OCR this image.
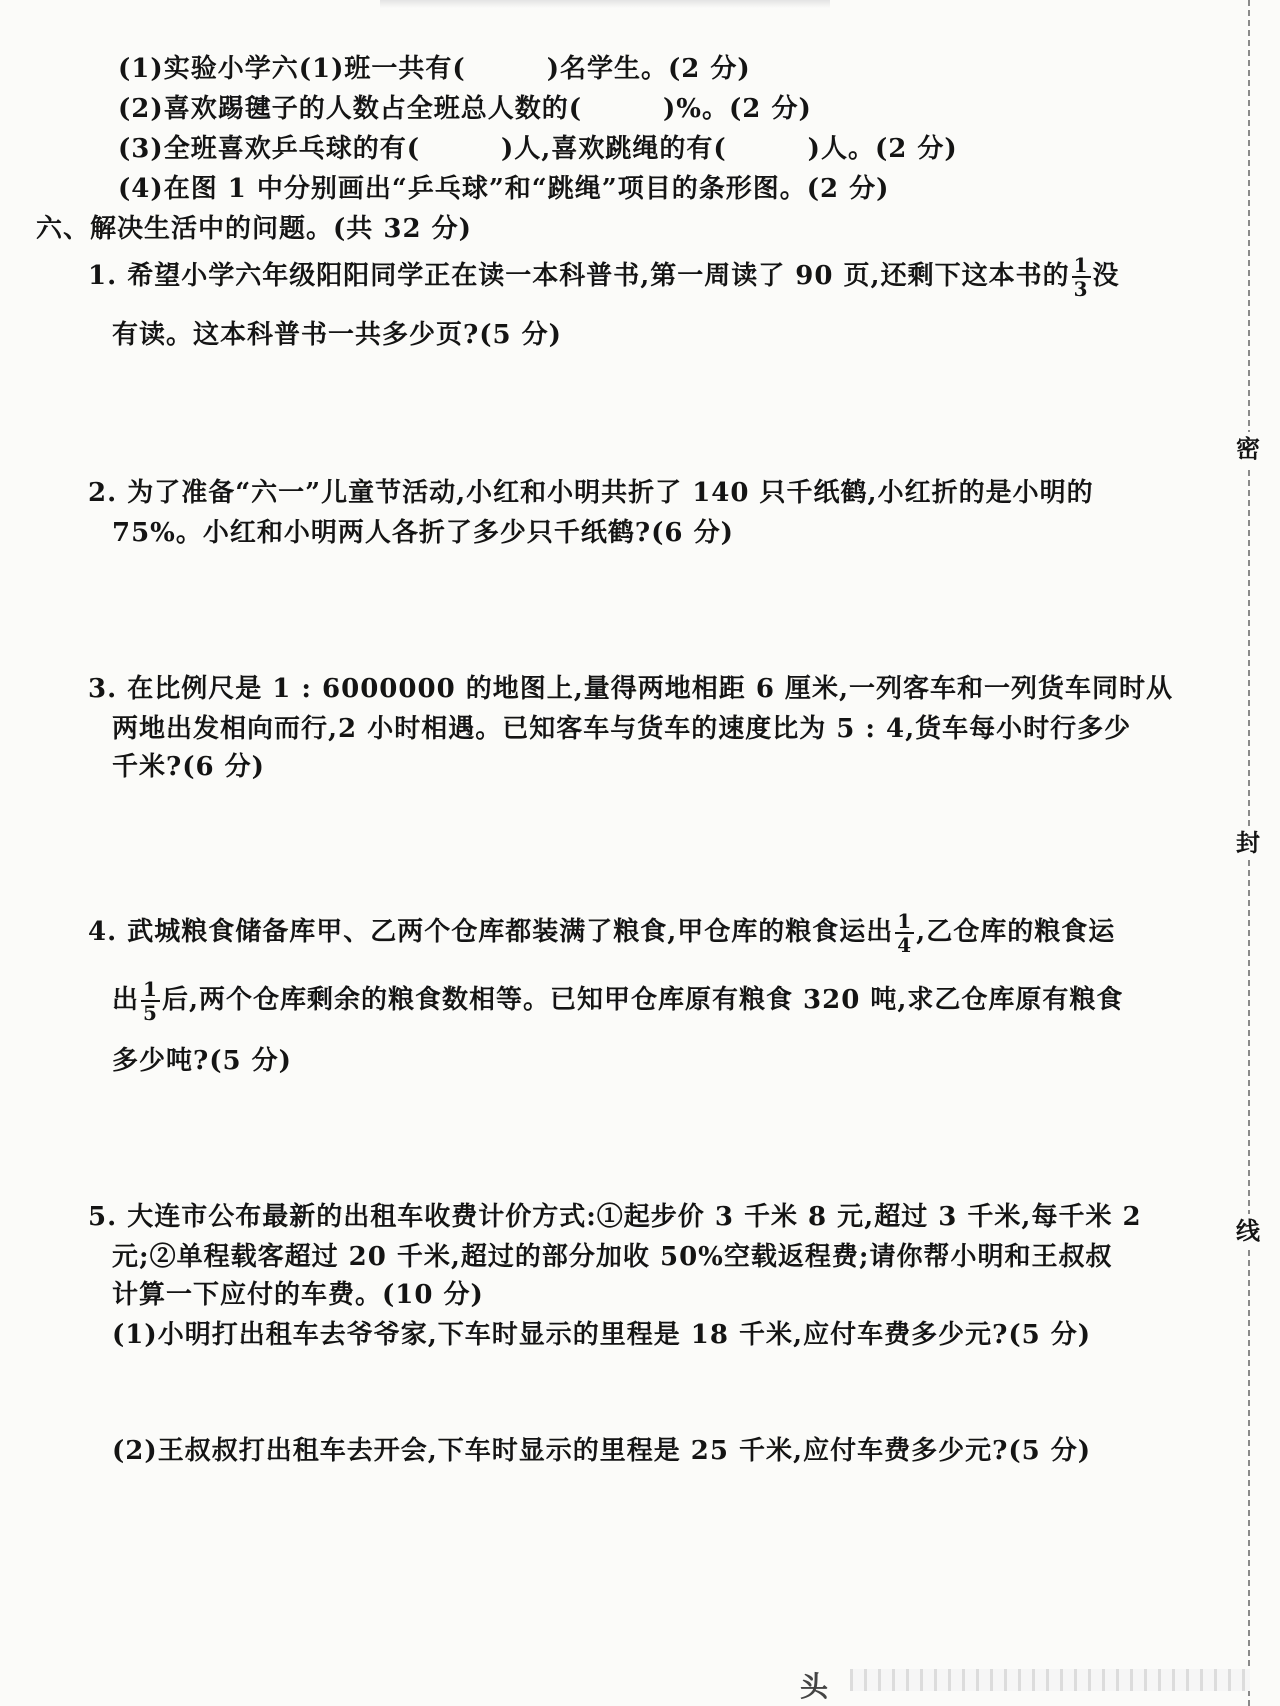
(1)实验小学六(1)班一共有(　　　)名学生。(2 分)
(2)喜欢踢毽子的人数占全班总人数的(　　　)%。(2 分)
(3)全班喜欢乒乓球的有(　　　)人,喜欢跳绳的有(　　　)人。(2 分)
(4)在图 1 中分别画出“乒乓球”和“跳绳”项目的条形图。(2 分)
六、解决生活中的问题。(共 32 分)
1. 希望小学六年级阳阳同学正在读一本科普书,第一周读了 90 页,还剩下这本书的 $\frac{1}{3}$ 没
有读。这本科普书一共多少页?(5 分)
2. 为了准备“六一”儿童节活动,小红和小明共折了 140 只千纸鹤,小红折的是小明的
75%。小红和小明两人各折了多少只千纸鹤?(6 分)
3. 在比例尺是 1 : 6000000 的地图上,量得两地相距 6 厘米,一列客车和一列货车同时从
两地出发相向而行,2 小时相遇。已知客车与货车的速度比为 5 : 4,货车每小时行多少
千米?(6 分)
4. 武城粮食储备库甲、乙两个仓库都装满了粮食,甲仓库的粮食运出 $\frac{1}{4}$ ,乙仓库的粮食运
出 $\frac{1}{5}$ 后,两个仓库剩余的粮食数相等。已知甲仓库原有粮食 320 吨,求乙仓库原有粮食
多少吨?(5 分)
5. 大连市公布最新的出租车收费计价方式:①起步价 3 千米 8 元,超过 3 千米,每千米 2
元;②单程载客超过 20 千米,超过的部分加收 50%空载返程费;请你帮小明和王叔叔
计算一下应付的车费。(10 分)
(1)小明打出租车去爷爷家,下车时显示的里程是 18 千米,应付车费多少元?(5 分)
(2)王叔叔打出租车去开会,下车时显示的里程是 25 千米,应付车费多少元?(5 分)
密
封
线
头
